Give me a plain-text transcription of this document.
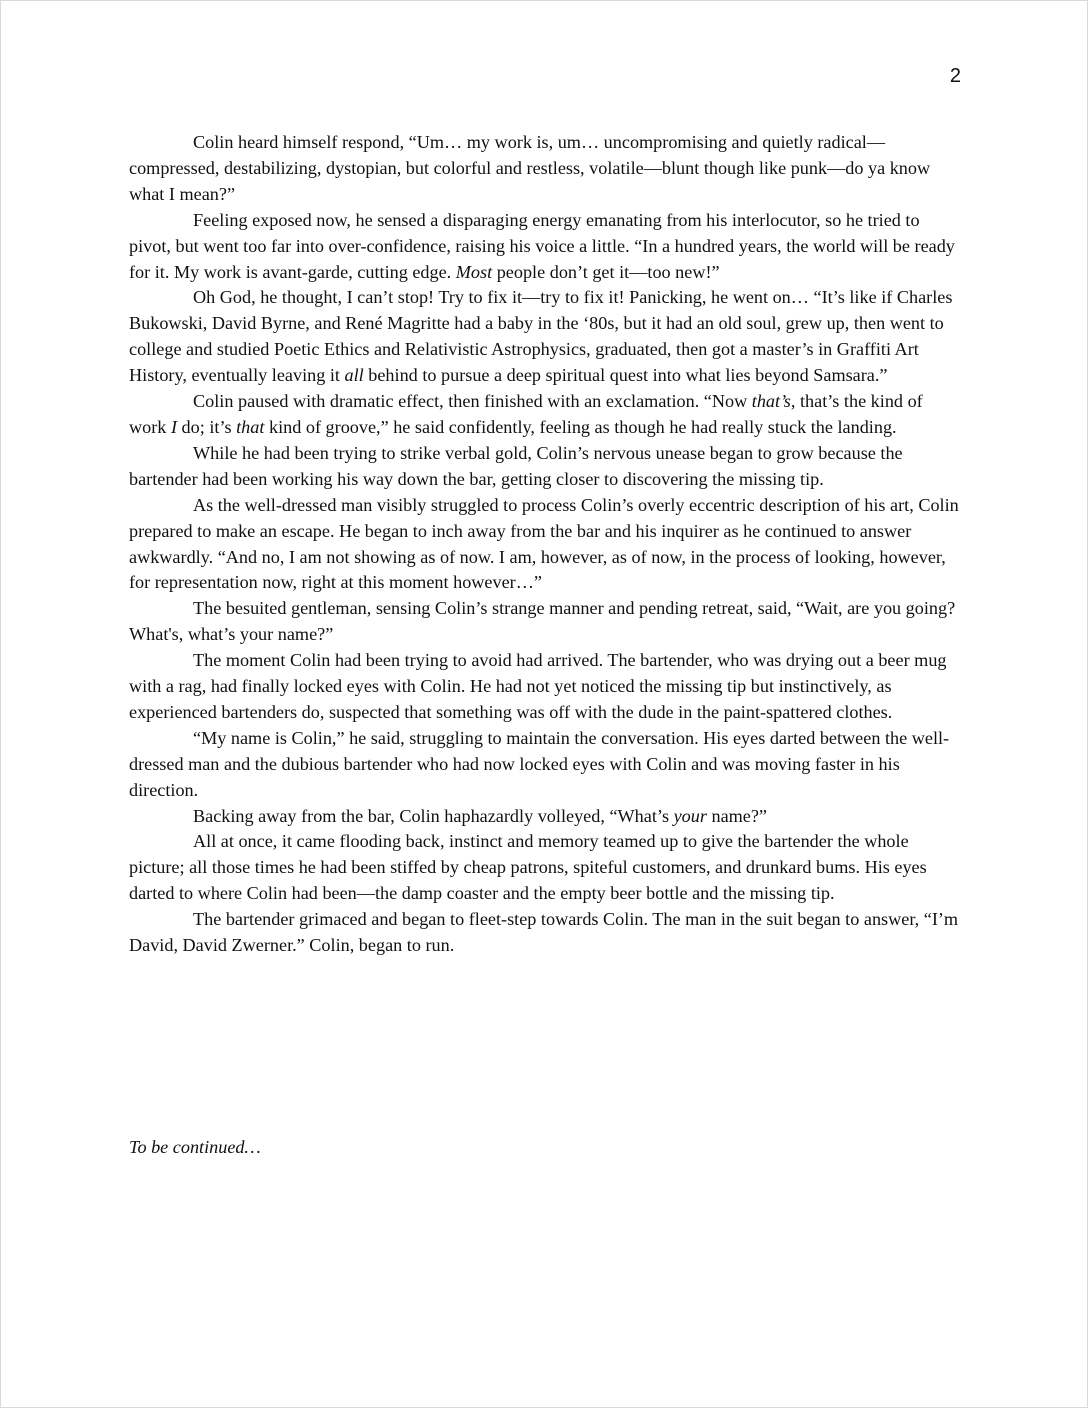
2

Colin heard himself respond, “Um… my work is, um… uncompromising and quietly radical—compressed, destabilizing, dystopian, but colorful and restless, volatile—blunt though like punk—do ya know what I mean?”

Feeling exposed now, he sensed a disparaging energy emanating from his interlocutor, so he tried to pivot, but went too far into over-confidence, raising his voice a little. “In a hundred years, the world will be ready for it. My work is avant-garde, cutting edge. Most people don’t get it—too new!”

Oh God, he thought, I can’t stop! Try to fix it—try to fix it! Panicking, he went on… “It’s like if Charles Bukowski, David Byrne, and René Magritte had a baby in the ‘80s, but it had an old soul, grew up, then went to college and studied Poetic Ethics and Relativistic Astrophysics, graduated, then got a master’s in Graffiti Art History, eventually leaving it all behind to pursue a deep spiritual quest into what lies beyond Samsara.”

Colin paused with dramatic effect, then finished with an exclamation. “Now that’s, that’s the kind of work I do; it’s that kind of groove,” he said confidently, feeling as though he had really stuck the landing.

While he had been trying to strike verbal gold, Colin’s nervous unease began to grow because the bartender had been working his way down the bar, getting closer to discovering the missing tip.

As the well-dressed man visibly struggled to process Colin’s overly eccentric description of his art, Colin prepared to make an escape. He began to inch away from the bar and his inquirer as he continued to answer awkwardly. “And no, I am not showing as of now. I am, however, as of now, in the process of looking, however, for representation now, right at this moment however…”

The besuited gentleman, sensing Colin’s strange manner and pending retreat, said, “Wait, are you going? What's, what’s your name?”

The moment Colin had been trying to avoid had arrived. The bartender, who was drying out a beer mug with a rag, had finally locked eyes with Colin. He had not yet noticed the missing tip but instinctively, as experienced bartenders do, suspected that something was off with the dude in the paint-spattered clothes.

“My name is Colin,” he said, struggling to maintain the conversation. His eyes darted between the well-dressed man and the dubious bartender who had now locked eyes with Colin and was moving faster in his direction.

Backing away from the bar, Colin haphazardly volleyed, “What’s your name?”

All at once, it came flooding back, instinct and memory teamed up to give the bartender the whole picture; all those times he had been stiffed by cheap patrons, spiteful customers, and drunkard bums. His eyes darted to where Colin had been—the damp coaster and the empty beer bottle and the missing tip.

The bartender grimaced and began to fleet-step towards Colin. The man in the suit began to answer, “I’m David, David Zwerner.” Colin, began to run.

To be continued…
